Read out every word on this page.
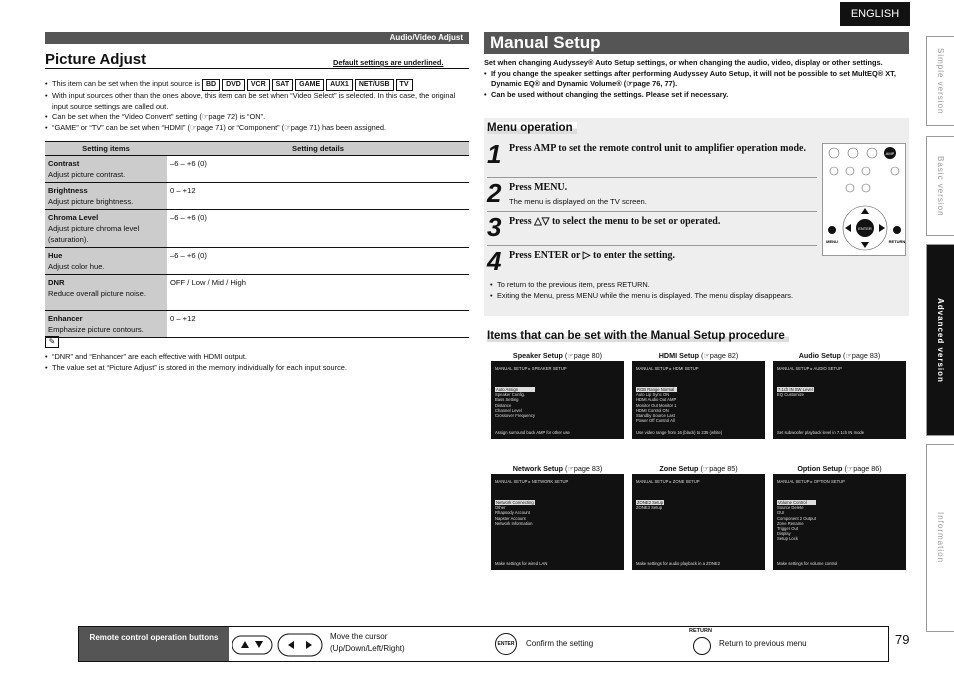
ENGLISH
Simple version
Basic version
Advanced version
Information
Audio/Video Adjust
Picture Adjust	Default settings are underlined.
• This item can be set when the input source is BD DVD VCR SAT GAME AUX1 NET/USB TV
• With input sources other than the ones above, this item can be set when “Video Select” is selected. In this case, the original input source settings are called out.
• Can be set when the “Video Convert” setting (☞page 72) is “ON”.
• “GAME” or “TV” can be set when “HDMI” (☞page 71) or “Component” (☞page 71) has been assigned.
Setting items	Setting details

Contrast
Adjust picture contrast.	–6 – +6 (0)

Brightness
Adjust picture brightness.	0 – +12

Chroma Level
Adjust picture chroma level (saturation).	–6 – +6 (0)

Hue
Adjust color hue.	–6 – +6 (0)

DNR
Reduce overall picture noise.	OFF / Low / Mid / High

Enhancer
Emphasize picture contours.	0 – +12
✎
• “DNR” and “Enhancer” are each effective with HDMI output.
• The value set at “Picture Adjust” is stored in the memory individually for each input source.
Manual Setup

Set when changing Audyssey® Auto Setup settings, or when changing the audio, video, display or other settings.

• If you change the speaker settings after performing Audyssey Auto Setup, it will not be possible to set MultEQ® XT, Dynamic EQ® and Dynamic Volume® (☞page 76, 77).
• Can be used without changing the settings. Please set if necessary.
Menu operation
1 Press AMP to set the remote control unit to amplifier operation mode.
2 Press MENU.
The menu is displayed on the TV screen.
3 Press △▽ to select the menu to be set or operated.
4 Press ENTER or ▷ to enter the setting.
AMP
ENTER
MENU	RETURN
• To return to the previous item, press RETURN.
• Exiting the Menu, press MENU while the menu is displayed. The menu display disappears.
Items that can be set with the Manual Setup procedure
Speaker Setup (☞page 80)
MANUAL SETUP ▸ SPEAKER SETUP
Auto Assign
Speaker Config.
Bass Setting
Distance
Channel Level
Crossover Frequency
Assign surround back AMP for other use
HDMI Setup (☞page 82)
MANUAL SETUP ▸ HDMI SETUP
RGB Range Normal
Auto Lip Sync ON
HDMI Audio Out AMP
Monitor Out Monitor 1
HDMI Control ON
Standby Source Last
Power Off Control All
Use video range from 16 (black) to 235 (white)
Audio Setup (☞page 83)
MANUAL SETUP ▸ AUDIO SETUP
7.1ch IN SW Level
EQ Customize
Set subwoofer playback level in 7.1ch IN mode
Network Setup (☞page 83)
MANUAL SETUP ▸ NETWORK SETUP
Network Connecting
Other
Rhapsody Account
Napster Account
Network Information
Make settings for wired LAN
Zone Setup (☞page 85)
MANUAL SETUP ▸ ZONE SETUP
ZONE2 Setup
ZONE3 Setup
Make settings for audio playback in a ZONE2
Option Setup (☞page 86)
MANUAL SETUP ▸ OPTION SETUP
Volume Control
Source Delete
GUI
Component 2 Output
Zone Rename
Trigger Out
Display
Setup Lock
Make settings for volume control
Remote control operation buttons	Move the cursor (Up/Down/Left/Right)	ENTER	Confirm the setting
RETURN
Return to previous menu	79
